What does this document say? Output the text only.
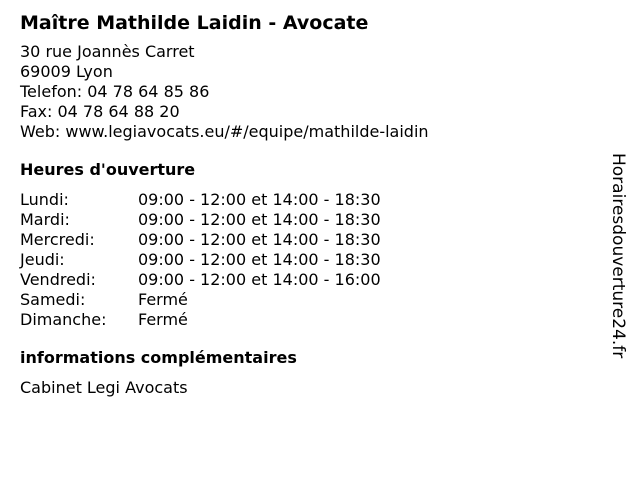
Maître Mathilde Laidin - Avocate
30 rue Joannès Carret
69009 Lyon
Telefon: 04 78 64 85 86
Fax: 04 78 64 88 20
Web: www.legiavocats.eu/#/equipe/mathilde-laidin
Heures d'ouverture
Lundi:	09:00 - 12:00 et 14:00 - 18:30
Mardi:	09:00 - 12:00 et 14:00 - 18:30
Mercredi:	09:00 - 12:00 et 14:00 - 18:30
Jeudi:	09:00 - 12:00 et 14:00 - 18:30
Vendredi:	09:00 - 12:00 et 14:00 - 16:00
Samedi:	Fermé
Dimanche:	Fermé
informations complémentaires
Cabinet Legi Avocats
Horairesdouverture24.fr
